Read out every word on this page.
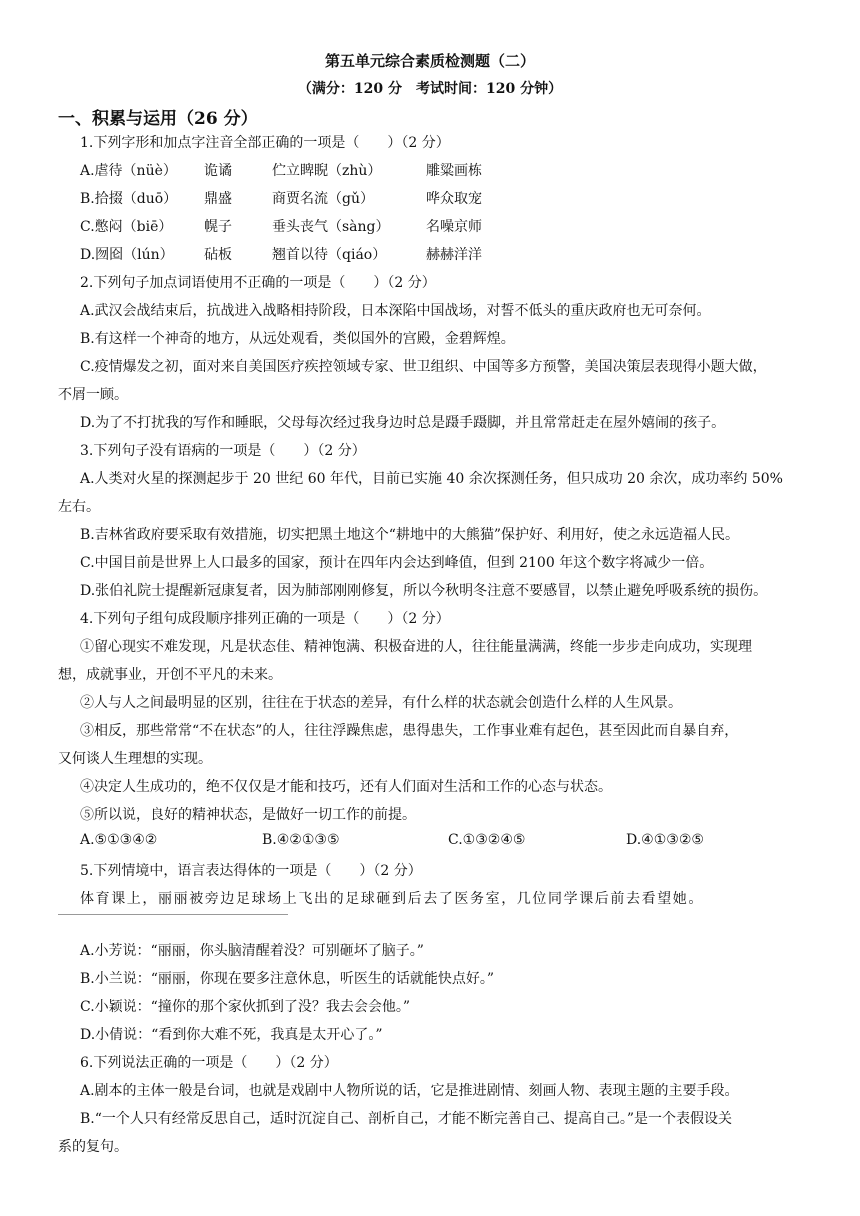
第五单元综合素质检测题（二）
（满分：120 分　考试时间：120 分钟）
一、积累与运用（26 分）
1.下列字形和加点字注音全部正确的一项是（　　）（2 分）
A.虐待（nüè） 诡谲	伫立睥睨（zhù）	雕粱画栋
B.拾掇（duō） 鼎盛	商贾名流（gǔ）	哗众取宠
C.憋闷（biē） 幌子	垂头丧气（sàng）	名噪京师
D.囫囵（lún） 砧板	翘首以待（qiáo）	赫赫洋洋
2.下列句子加点词语使用不正确的一项是（　　）（2 分）
A.武汉会战结束后，抗战进入战略相持阶段，日本深陷中国战场，对誓不低头的重庆政府也无可奈何。
B.有这样一个神奇的地方，从远处观看，类似国外的宫殿，金碧辉煌。
C.疫情爆发之初，面对来自美国医疗疾控领域专家、世卫组织、中国等多方预警，美国决策层表现得小题大做，
不屑一顾。
D.为了不打扰我的写作和睡眠，父母每次经过我身边时总是蹑手蹑脚，并且常常赶走在屋外嬉闹的孩子。
3.下列句子没有语病的一项是（　　）（2 分）
A.人类对火星的探测起步于 20 世纪 60 年代，目前已实施 40 余次探测任务，但只成功 20 余次，成功率约 50%
左右。
B.吉林省政府要采取有效措施，切实把黑土地这个“耕地中的大熊猫”保护好、利用好，使之永远造福人民。
C.中国目前是世界上人口最多的国家，预计在四年内会达到峰值，但到 2100 年这个数字将减少一倍。
D.张伯礼院士提醒新冠康复者，因为肺部刚刚修复，所以今秋明冬注意不要感冒，以禁止避免呼吸系统的损伤。
4.下列句子组句成段顺序排列正确的一项是（　　）（2 分）
①留心现实不难发现，凡是状态佳、精神饱满、积极奋进的人，往往能量满满，终能一步步走向成功，实现理
想，成就事业，开创不平凡的未来。
②人与人之间最明显的区别，往往在于状态的差异，有什么样的状态就会创造什么样的人生风景。
③相反，那些常常“不在状态”的人，往往浮躁焦虑，患得患失，工作事业难有起色，甚至因此而自暴自弃，
又何谈人生理想的实现。
④决定人生成功的，绝不仅仅是才能和技巧，还有人们面对生活和工作的心态与状态。
⑤所以说，良好的精神状态，是做好一切工作的前提。
A.⑤①③④②	B.④②①③⑤	C.①③②④⑤	D.④①③②⑤
5.下列情境中，语言表达得体的一项是（　　）（2 分）
体育课上，丽丽被旁边足球场上飞出的足球砸到后去了医务室，几位同学课后前去看望她。
A.小芳说：“丽丽，你头脑清醒着没？可别砸坏了脑子。”
B.小兰说：“丽丽，你现在要多注意休息，听医生的话就能快点好。”
C.小颖说：“撞你的那个家伙抓到了没？我去会会他。”
D.小倩说：“看到你大难不死，我真是太开心了。”
6.下列说法正确的一项是（　　）（2 分）
A.剧本的主体一般是台词，也就是戏剧中人物所说的话，它是推进剧情、刻画人物、表现主题的主要手段。
B.“一个人只有经常反思自己，适时沉淀自己、剖析自己，才能不断完善自己、提高自己。”是一个表假设关
系的复句。
